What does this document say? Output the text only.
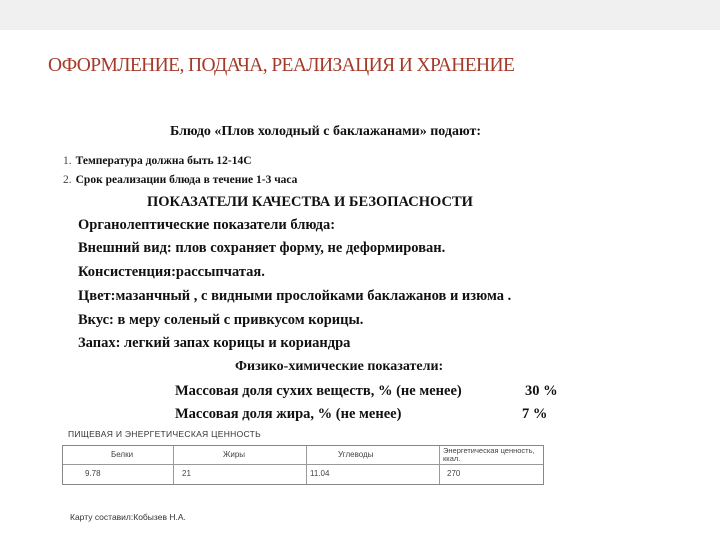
ОФОРМЛЕНИЕ, ПОДАЧА, РЕАЛИЗАЦИЯ И ХРАНЕНИЕ
Блюдо «Плов холодный с баклажанами» подают:
1. Температура должна быть 12-14С
2. Срок реализации блюда в течение 1-3 часа
ПОКАЗАТЕЛИ КАЧЕСТВА И БЕЗОПАСНОСТИ
Органолептические показатели блюда:
Внешний вид: плов сохраняет форму, не деформирован.
Консистенция:рассыпчатая.
Цвет:мазанчный , с видными прослойками баклажанов и изюма .
Вкус: в меру соленый с привкусом корицы.
Запах: легкий запах корицы и кориандра
Физико-химические показатели:
Массовая доля сухих веществ, % (не менее)	30 %
Массовая доля жира, % (не менее)	7 %
ПИЩЕВАЯ И ЭНЕРГЕТИЧЕСКАЯ ЦЕННОСТЬ
Белки	Жиры	Углеводы	Энергетическая ценность, ккал.
9.78	21	11.04	270
Карту составил:Кобызев Н.А.
